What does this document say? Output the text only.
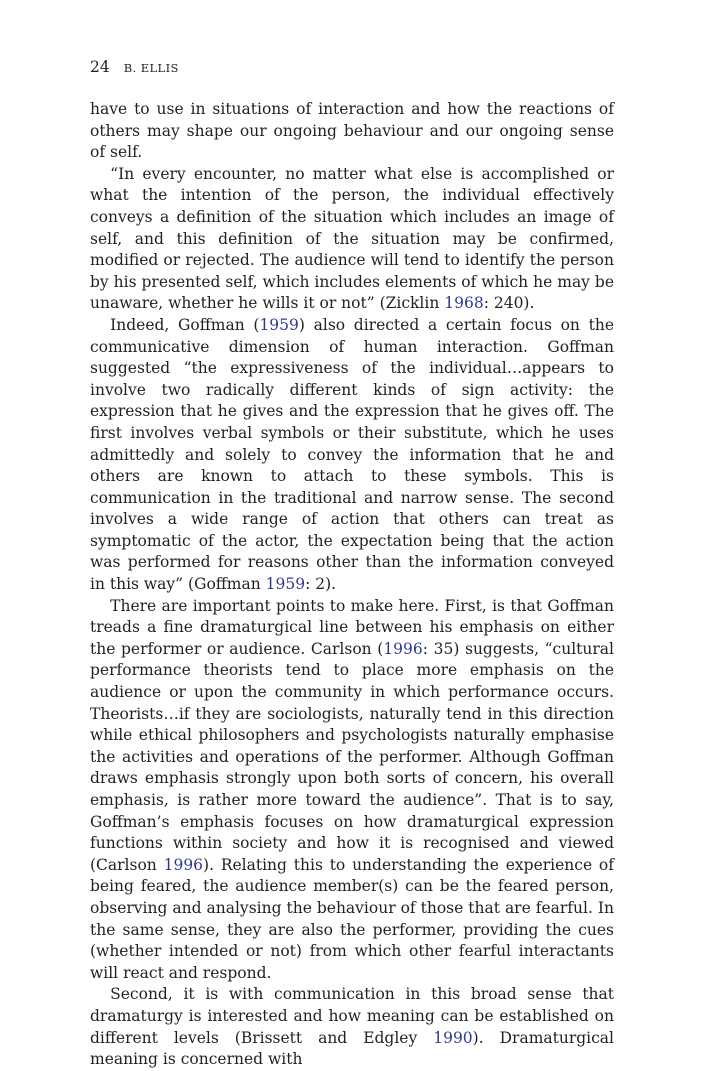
24 B. ELLIS

have to use in situations of interaction and how the reactions of others may shape our ongoing behaviour and our ongoing sense of self.

“In every encounter, no matter what else is accomplished or what the intention of the person, the individual effectively conveys a definition of the situation which includes an image of self, and this definition of the situation may be confirmed, modified or rejected. The audience will tend to identify the person by his presented self, which includes elements of which he may be unaware, whether he wills it or not” (Zicklin 1968: 240).

Indeed, Goffman (1959) also directed a certain focus on the communicative dimension of human interaction. Goffman suggested “the expressiveness of the individual…appears to involve two radically different kinds of sign activity: the expression that he gives and the expression that he gives off. The first involves verbal symbols or their substitute, which he uses admittedly and solely to convey the information that he and others are known to attach to these symbols. This is communication in the traditional and narrow sense. The second involves a wide range of action that others can treat as symptomatic of the actor, the expectation being that the action was performed for reasons other than the information conveyed in this way” (Goffman 1959: 2).

There are important points to make here. First, is that Goffman treads a fine dramaturgical line between his emphasis on either the performer or audience. Carlson (1996: 35) suggests, “cultural performance theorists tend to place more emphasis on the audience or upon the community in which performance occurs. Theorists…if they are sociologists, naturally tend in this direction while ethical philosophers and psychologists naturally emphasise the activities and operations of the performer. Although Goffman draws emphasis strongly upon both sorts of concern, his overall emphasis, is rather more toward the audience”. That is to say, Goffman’s emphasis focuses on how dramaturgical expression functions within society and how it is recognised and viewed (Carlson 1996). Relating this to understanding the experience of being feared, the audience member(s) can be the feared person, observing and analysing the behaviour of those that are fearful. In the same sense, they are also the performer, providing the cues (whether intended or not) from which other fearful interactants will react and respond.

Second, it is with communication in this broad sense that dramaturgy is interested and how meaning can be established on different levels (Brissett and Edgley 1990). Dramaturgical meaning is concerned with
